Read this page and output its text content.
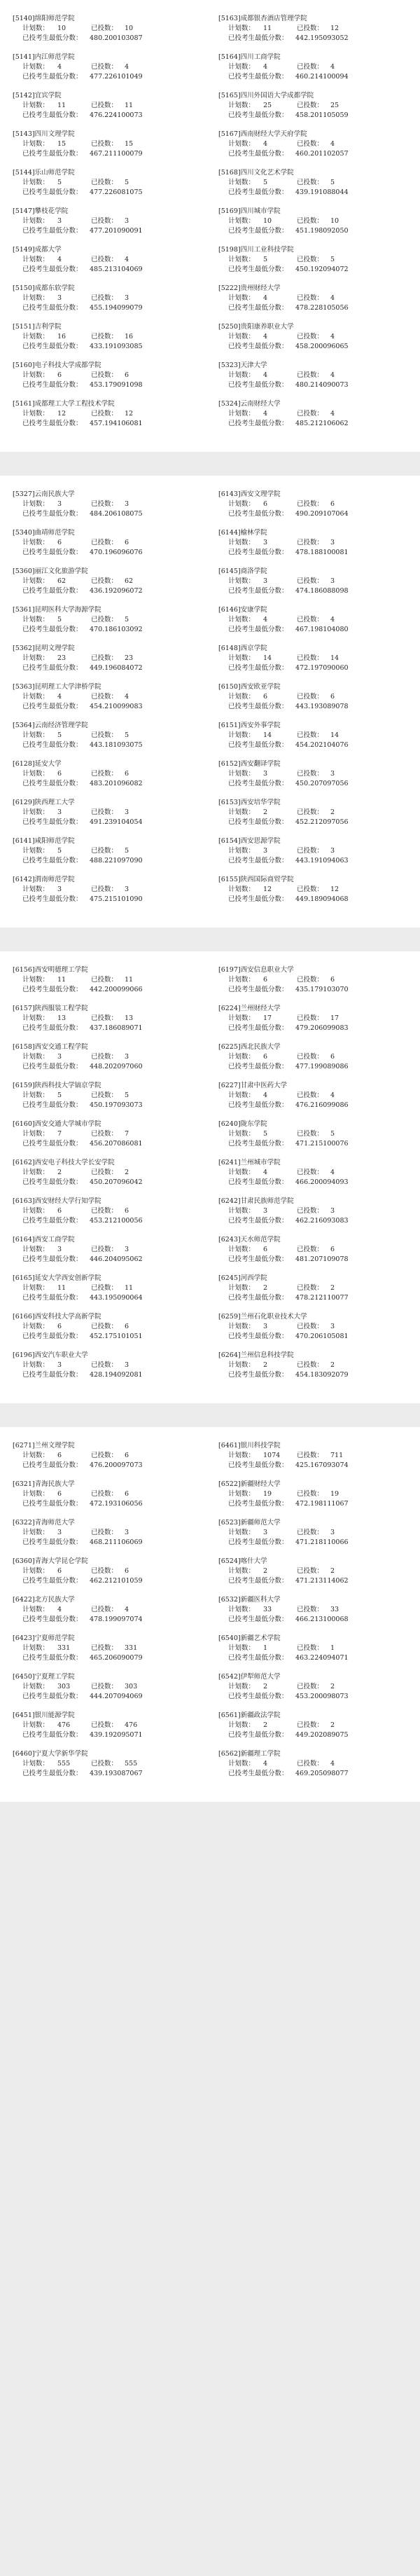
[5140]绵阳师范学院
计划数：	10	已投数：	10
已投考生最低分数：	480.200103087
[5141]内江师范学院
计划数：	4	已投数：	4
已投考生最低分数：	477.226101049
[5142]宜宾学院
计划数：	11	已投数：	11
已投考生最低分数：	476.224100073
[5143]四川文理学院
计划数：	15	已投数：	15
已投考生最低分数：	467.211100079
[5144]乐山师范学院
计划数：	5	已投数：	5
已投考生最低分数：	477.226081075
[5147]攀枝花学院
计划数：	3	已投数：	3
已投考生最低分数：	477.201090091
[5149]成都大学
计划数：	4	已投数：	4
已投考生最低分数：	485.213104069
[5150]成都东软学院
计划数：	3	已投数：	3
已投考生最低分数：	455.194099079
[5151]吉利学院
计划数：	16	已投数：	16
已投考生最低分数：	433.191093085
[5160]电子科技大学成都学院
计划数：	6	已投数：	6
已投考生最低分数：	453.179091098
[5161]成都理工大学工程技术学院
计划数：	12	已投数：	12
已投考生最低分数：	457.194106081
[5163]成都银杏酒店管理学院
计划数：	11	已投数：	12
已投考生最低分数：	442.195093052
[5164]四川工商学院
计划数：	4	已投数：	4
已投考生最低分数：	460.214100094
[5165]四川外国语大学成都学院
计划数：	25	已投数：	25
已投考生最低分数：	458.201105059
[5167]西南财经大学天府学院
计划数：	4	已投数：	4
已投考生最低分数：	460.201102057
[5168]四川文化艺术学院
计划数：	5	已投数：	5
已投考生最低分数：	439.191088044
[5169]四川城市学院
计划数：	10	已投数：	10
已投考生最低分数：	451.198092050
[5198]四川工业科技学院
计划数：	5	已投数：	5
已投考生最低分数：	450.192094072
[5222]贵州财经大学
计划数：	4	已投数：	4
已投考生最低分数：	478.228105056
[5250]贵阳康养职业大学
计划数：	4	已投数：	4
已投考生最低分数：	458.200096065
[5323]天津大学
计划数：	4	已投数：	4
已投考生最低分数：	480.214090073
[5324]云南财经大学
计划数：	4	已投数：	4
已投考生最低分数：	485.212106062
[5327]云南民族大学
计划数：	3	已投数：	3
已投考生最低分数：	484.206108075
[5340]曲靖师范学院
计划数：	6	已投数：	6
已投考生最低分数：	470.196096076
[5360]丽江文化旅游学院
计划数：	62	已投数：	62
已投考生最低分数：	436.192096072
[5361]昆明医科大学海源学院
计划数：	5	已投数：	5
已投考生最低分数：	470.186103092
[5362]昆明文理学院
计划数：	23	已投数：	23
已投考生最低分数：	449.196084072
[5363]昆明理工大学津桥学院
计划数：	4	已投数：	4
已投考生最低分数：	454.210099083
[5364]云南经济管理学院
计划数：	5	已投数：	5
已投考生最低分数：	443.181093075
[6128]延安大学
计划数：	6	已投数：	6
已投考生最低分数：	483.201096082
[6129]陕西理工大学
计划数：	3	已投数：	3
已投考生最低分数：	491.239104054
[6141]咸阳师范学院
计划数：	5	已投数：	5
已投考生最低分数：	488.221097090
[6142]渭南师范学院
计划数：	3	已投数：	3
已投考生最低分数：	475.215101090
[6143]西安文理学院
计划数：	6	已投数：	6
已投考生最低分数：	490.209107064
[6144]榆林学院
计划数：	3	已投数：	3
已投考生最低分数：	478.188100081
[6145]商洛学院
计划数：	3	已投数：	3
已投考生最低分数：	474.186088098
[6146]安康学院
计划数：	4	已投数：	4
已投考生最低分数：	467.198104080
[6148]西京学院
计划数：	14	已投数：	14
已投考生最低分数：	472.197090060
[6150]西安欧亚学院
计划数：	6	已投数：	6
已投考生最低分数：	443.193089078
[6151]西安外事学院
计划数：	14	已投数：	14
已投考生最低分数：	454.202104076
[6152]西安翻译学院
计划数：	3	已投数：	3
已投考生最低分数：	450.207097056
[6153]西安培华学院
计划数：	2	已投数：	2
已投考生最低分数：	452.212097056
[6154]西安思源学院
计划数：	3	已投数：	3
已投考生最低分数：	443.191094063
[6155]陕西国际商贸学院
计划数：	12	已投数：	12
已投考生最低分数：	449.189094068
[6156]西安明德理工学院
计划数：	11	已投数：	11
已投考生最低分数：	442.200099066
[6157]陕西服装工程学院
计划数：	13	已投数：	13
已投考生最低分数：	437.186089071
[6158]西安交通工程学院
计划数：	3	已投数：	3
已投考生最低分数：	448.202097060
[6159]陕西科技大学镐京学院
计划数：	5	已投数：	5
已投考生最低分数：	450.197093073
[6160]西安交通大学城市学院
计划数：	7	已投数：	7
已投考生最低分数：	456.207086081
[6162]西安电子科技大学长安学院
计划数：	2	已投数：	2
已投考生最低分数：	450.207096042
[6163]西安财经大学行知学院
计划数：	6	已投数：	6
已投考生最低分数：	453.212100056
[6164]西安工商学院
计划数：	3	已投数：	3
已投考生最低分数：	446.204095062
[6165]延安大学西安创新学院
计划数：	11	已投数：	11
已投考生最低分数：	443.195090064
[6166]西安科技大学高新学院
计划数：	6	已投数：	6
已投考生最低分数：	452.175101051
[6196]西安汽车职业大学
计划数：	3	已投数：	3
已投考生最低分数：	428.194092081
[6197]西安信息职业大学
计划数：	6	已投数：	6
已投考生最低分数：	435.179103070
[6224]兰州财经大学
计划数：	17	已投数：	17
已投考生最低分数：	479.206099083
[6225]西北民族大学
计划数：	6	已投数：	6
已投考生最低分数：	477.199089086
[6227]甘肃中医药大学
计划数：	4	已投数：	4
已投考生最低分数：	476.216099086
[6240]陇东学院
计划数：	5	已投数：	5
已投考生最低分数：	471.215100076
[6241]兰州城市学院
计划数：	4	已投数：	4
已投考生最低分数：	466.200094093
[6242]甘肃民族师范学院
计划数：	3	已投数：	3
已投考生最低分数：	462.216093083
[6243]天水师范学院
计划数：	6	已投数：	6
已投考生最低分数：	481.207109078
[6245]河西学院
计划数：	2	已投数：	2
已投考生最低分数：	478.212110077
[6259]兰州石化职业技术大学
计划数：	3	已投数：	3
已投考生最低分数：	470.206105081
[6264]兰州信息科技学院
计划数：	2	已投数：	2
已投考生最低分数：	454.183092079
[6271]兰州文理学院
计划数：	6	已投数：	6
已投考生最低分数：	476.200097073
[6321]青海民族大学
计划数：	6	已投数：	6
已投考生最低分数：	472.193106056
[6322]青海师范大学
计划数：	3	已投数：	3
已投考生最低分数：	468.211106069
[6360]青海大学昆仑学院
计划数：	6	已投数：	6
已投考生最低分数：	462.212101059
[6422]北方民族大学
计划数：	4	已投数：	4
已投考生最低分数：	478.199097074
[6423]宁夏师范学院
计划数：	331	已投数：	331
已投考生最低分数：	465.206090079
[6450]宁夏理工学院
计划数：	303	已投数：	303
已投考生最低分数：	444.207094069
[6451]银川能源学院
计划数：	476	已投数：	476
已投考生最低分数：	439.192095071
[6460]宁夏大学新华学院
计划数：	555	已投数：	555
已投考生最低分数：	439.193087067
[6461]银川科技学院
计划数：	1074	已投数：	711
已投考生最低分数：	425.167093074
[6522]新疆财经大学
计划数：	19	已投数：	19
已投考生最低分数：	472.198111067
[6523]新疆师范大学
计划数：	3	已投数：	3
已投考生最低分数：	471.218110066
[6524]喀什大学
计划数：	2	已投数：	2
已投考生最低分数：	471.213114062
[6532]新疆医科大学
计划数：	33	已投数：	33
已投考生最低分数：	466.213100068
[6540]新疆艺术学院
计划数：	1	已投数：	1
已投考生最低分数：	463.224094071
[6542]伊犁师范大学
计划数：	2	已投数：	2
已投考生最低分数：	453.200098073
[6561]新疆政法学院
计划数：	2	已投数：	2
已投考生最低分数：	449.202089075
[6562]新疆理工学院
计划数：	4	已投数：	4
已投考生最低分数：	469.205098077
